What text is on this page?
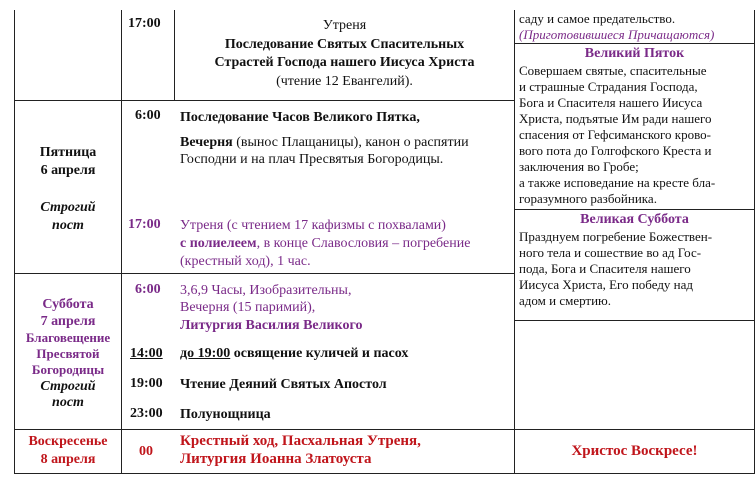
17:00	Утреня
Последование Святых Спасительных
Страстей Господа нашего Иисуса Христа
(чтение 12 Евангелий).
Пятница
6 апреля
Строгий
пост
6:00 Последование Часов Великого Пятка,
Вечерня (вынос Плащаницы), канон о распятии
Господни и на плач Пресвятыя Богородицы.
17:00 Утреня (с чтением 17 кафизмы с похвалами)
с полиелеем, в конце Славословия – погребение
(крестный ход), 1 час.
Суббота
7 апреля
Благовещение
Пресвятой
Богородицы
Строгий
пост
6:00 3,6,9 Часы, Изобразительны,
Вечерня (15 паримий),
Литургия Василия Великого
14:00 до 19:00 освящение куличей и пасох
19:00 Чтение Деяний Святых Апостол
23:00 Полунощница
Воскресенье
8 апреля
00
Крестный ход, Пасхальная Утреня,
Литургия Иоанна Златоуста	Христос Воскресе!
саду и самое предательство.
(Приготовившиеся Причащаются)
Великий Пяток
Совершаем святые, спасительные
и страшные Страдания Господа,
Бога и Спасителя нашего Иисуса
Христа, подъятые Им ради нашего
спасения от Гефсиманского крово-
вого пота до Голгофского Креста и
заключения во Гробе;
а также исповедание на кресте бла-
горазумного разбойника.
Великая Суббота
Празднуем погребение Божествен-
ного тела и сошествие во ад Гос-
пода, Бога и Спасителя нашего
Иисуса Христа, Его победу над
адом и смертию.
